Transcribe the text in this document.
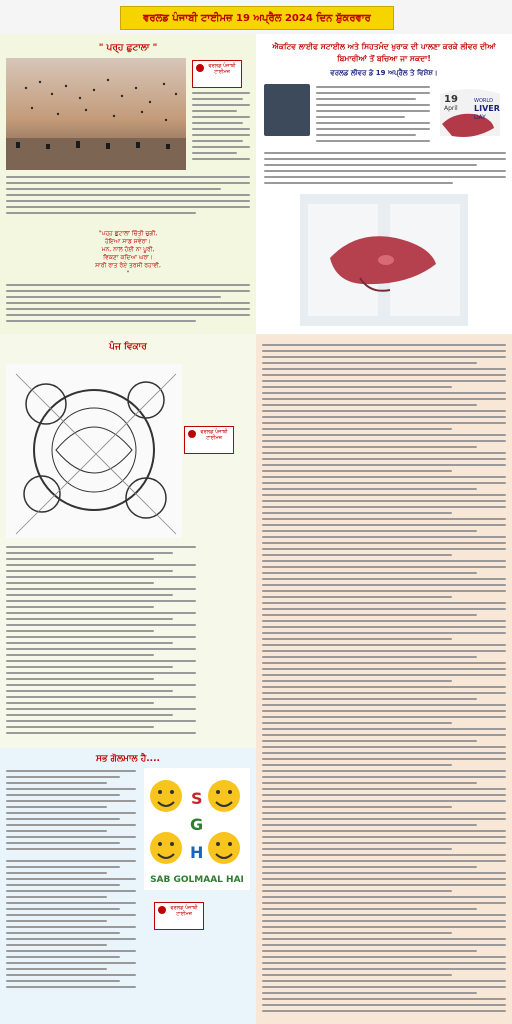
ਵਰਲਡ ਪੰਜਾਬੀ ਟਾਈਮਜ਼ 19 ਅਪ੍ਰੈਲ 2024 ਦਿਨ ਸ਼ੁੱਕਰਵਾਰ
" ਪਰ੍ਹ ਛੁਟਾਲਾ "
ਵਰਲਡ ਪੰਜਾਬੀ ਟਾਈਮਜ਼
"ਪਹ੍ਹ ਛੁਟਾਲਾ ਚਿੱਤੀ ਚੁਗੀ,
ਹੋਇਆ ਸਾਡ ਸਵੇਰਾ।
ਮਨ, ਨਾਲ ਹੋਈ ਨਾ ਪੂਰੀ,
ਵਿਕਣਾ ਕਦਿਆ ਘਰਾ।
ਸਾਰੀ ਰਾਤ ਰੋਏ ਤਰਸੀ ਰਹਾਵੀ,
"
ਐਕਟਿਵ ਲਾਈਫ ਸਟਾਈਲ ਅਤੇ ਸਿਹਤਮੰਦ ਖੁਰਾਕ ਦੀ ਪਾਲਣਾ ਕਰਕੇ ਲੀਵਰ ਦੀਆਂ ਬਿਮਾਰੀਆਂ ਤੋਂ ਬਚਿਆ ਜਾ ਸਕਦਾ!
ਵਰਲਡ ਲੀਵਰ ਡੇ 19 ਅਪ੍ਰੈਲ ਤੇ ਵਿਸ਼ੇਸ਼।
19
April
WORLD
LIVER
DAY
ਪੰਜ ਵਿਕਾਰ
ਵਰਲਡ ਪੰਜਾਬੀ ਟਾਈਮਜ਼
ਸਭ ਗੋਲਮਾਲ ਹੈ....
S
G
H
SAB GOLMAAL HAI
ਵਰਲਡ ਪੰਜਾਬੀ ਟਾਈਮਜ਼
